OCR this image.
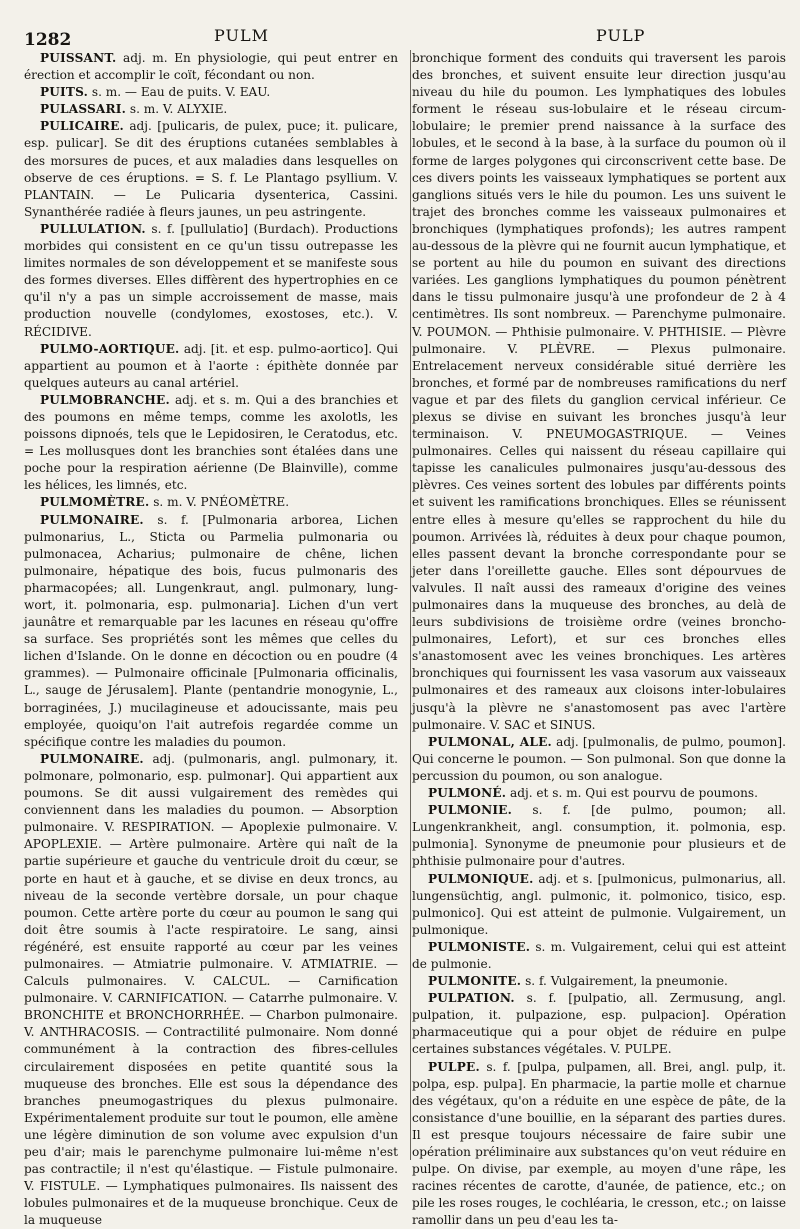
1282	PULM	PULP

PUISSANT. adj. m. En physiologie, qui peut entrer en érection et accomplir le coït, fécondant ou non.

PUITS. s. m. — Eau de puits. V. EAU.

PULASSARI. s. m. V. ALYXIE.

PULICAIRE. adj. [pulicaris, de pulex, puce; it. pulicare, esp. pulicar]. Se dit des éruptions cutanées semblables à des morsures de puces, et aux maladies dans lesquelles on observe de ces éruptions. = S. f. Le Plantago psyllium. V. PLANTAIN. — Le Pulicaria dysenterica, Cassini. Synanthérée radiée à fleurs jaunes, un peu astringente.

PULLULATION. s. f. [pullulatio] (Burdach). Productions morbides qui consistent en ce qu'un tissu outrepasse les limites normales de son développement et se manifeste sous des formes diverses. Elles diffèrent des hypertrophies en ce qu'il n'y a pas un simple accroissement de masse, mais production nouvelle (condylomes, exostoses, etc.). V. RÉCIDIVE.

PULMO-AORTIQUE. adj. [it. et esp. pulmo-aortico]. Qui appartient au poumon et à l'aorte : épithète donnée par quelques auteurs au canal artériel.

PULMOBRANCHE. adj. et s. m. Qui a des branchies et des poumons en même temps, comme les axolotls, les poissons dipnoés, tels que le Lepidosiren, le Ceratodus, etc. = Les mollusques dont les branchies sont étalées dans une poche pour la respiration aérienne (De Blainville), comme les hélices, les limnés, etc.

PULMOMÈTRE. s. m. V. PNÉOMÈTRE.

PULMONAIRE. s. f. [Pulmonaria arborea, Lichen pulmonarius, L., Sticta ou Parmelia pulmonaria ou pulmonacea, Acharius; pulmonaire de chêne, lichen pulmonaire, hépatique des bois, fucus pulmonaris des pharmacopées; all. Lungenkraut, angl. pulmonary, lung-wort, it. polmonaria, esp. pulmonaria]. Lichen d'un vert jaunâtre et remarquable par les lacunes en réseau qu'offre sa surface. Ses propriétés sont les mêmes que celles du lichen d'Islande. On le donne en décoction ou en poudre (4 grammes). — Pulmonaire officinale [Pulmonaria officinalis, L., sauge de Jérusalem]. Plante (pentandrie monogynie, L., borraginées, J.) mucilagineuse et adoucissante, mais peu employée, quoiqu'on l'ait autrefois regardée comme un spécifique contre les maladies du poumon.

PULMONAIRE. adj. (pulmonaris, angl. pulmonary, it. polmonare, polmonario, esp. pulmonar]. Qui appartient aux poumons. Se dit aussi vulgairement des remèdes qui conviennent dans les maladies du poumon. — Absorption pulmonaire. V. RESPIRATION. — Apoplexie pulmonaire. V. APOPLEXIE. — Artère pulmonaire. Artère qui naît de la partie supérieure et gauche du ventricule droit du cœur, se porte en haut et à gauche, et se divise en deux troncs, au niveau de la seconde vertèbre dorsale, un pour chaque poumon. Cette artère porte du cœur au poumon le sang qui doit être soumis à l'acte respiratoire. Le sang, ainsi régénéré, est ensuite rapporté au cœur par les veines pulmonaires. — Atmiatrie pulmonaire. V. ATMIATRIE. — Calculs pulmonaires. V. CALCUL. — Carnification pulmonaire. V. CARNIFICATION. — Catarrhe pulmonaire. V. BRONCHITE et BRONCHORRHÉE. — Charbon pulmonaire. V. ANTHRACOSIS. — Contractilité pulmonaire. Nom donné communément à la contraction des fibres-cellules circulairement disposées en petite quantité sous la muqueuse des bronches. Elle est sous la dépendance des branches pneumogastriques du plexus pulmonaire. Expérimentalement produite sur tout le poumon, elle amène une légère diminution de son volume avec expulsion d'un peu d'air; mais le parenchyme pulmonaire lui-même n'est pas contractile; il n'est qu'élastique. — Fistule pulmonaire. V. FISTULE. — Lymphatiques pulmonaires. Ils naissent des lobules pulmonaires et de la muqueuse bronchique. Ceux de la muqueuse

bronchique forment des conduits qui traversent les parois des bronches, et suivent ensuite leur direction jusqu'au niveau du hile du poumon. Les lymphatiques des lobules forment le réseau sus-lobulaire et le réseau circum-lobulaire; le premier prend naissance à la surface des lobules, et le second à la base, à la surface du poumon où il forme de larges polygones qui circonscrivent cette base. De ces divers points les vaisseaux lymphatiques se portent aux ganglions situés vers le hile du poumon. Les uns suivent le trajet des bronches comme les vaisseaux pulmonaires et bronchiques (lymphatiques profonds); les autres rampent au-dessous de la plèvre qui ne fournit aucun lymphatique, et se portent au hile du poumon en suivant des directions variées. Les ganglions lymphatiques du poumon pénètrent dans le tissu pulmonaire jusqu'à une profondeur de 2 à 4 centimètres. Ils sont nombreux. — Parenchyme pulmonaire. V. POUMON. — Phthisie pulmonaire. V. PHTHISIE. — Plèvre pulmonaire. V. PLÈVRE. — Plexus pulmonaire. Entrelacement nerveux considérable situé derrière les bronches, et formé par de nombreuses ramifications du nerf vague et par des filets du ganglion cervical inférieur. Ce plexus se divise en suivant les bronches jusqu'à leur terminaison. V. PNEUMOGASTRIQUE. — Veines pulmonaires. Celles qui naissent du réseau capillaire qui tapisse les canalicules pulmonaires jusqu'au-dessous des plèvres. Ces veines sortent des lobules par différents points et suivent les ramifications bronchiques. Elles se réunissent entre elles à mesure qu'elles se rapprochent du hile du poumon. Arrivées là, réduites à deux pour chaque poumon, elles passent devant la bronche correspondante pour se jeter dans l'oreillette gauche. Elles sont dépourvues de valvules. Il naît aussi des rameaux d'origine des veines pulmonaires dans la muqueuse des bronches, au delà de leurs subdivisions de troisième ordre (veines broncho-pulmonaires, Lefort), et sur ces bronches elles s'anastomosent avec les veines bronchiques. Les artères bronchiques qui fournissent les vasa vasorum aux vaisseaux pulmonaires et des rameaux aux cloisons inter-lobulaires jusqu'à la plèvre ne s'anastomosent pas avec l'artère pulmonaire. V. SAC et SINUS.

PULMONAL, ALE. adj. [pulmonalis, de pulmo, poumon]. Qui concerne le poumon. — Son pulmonal. Son que donne la percussion du poumon, ou son analogue.

PULMONÉ. adj. et s. m. Qui est pourvu de poumons.

PULMONIE. s. f. [de pulmo, poumon; all. Lungenkrankheit, angl. consumption, it. polmonia, esp. pulmonia]. Synonyme de pneumonie pour plusieurs et de phthisie pulmonaire pour d'autres.

PULMONIQUE. adj. et s. [pulmonicus, pulmonarius, all. lungensüchtig, angl. pulmonic, it. polmonico, tisico, esp. pulmonico]. Qui est atteint de pulmonie. Vulgairement, un pulmonique.

PULMONISTE. s. m. Vulgairement, celui qui est atteint de pulmonie.

PULMONITE. s. f. Vulgairement, la pneumonie.

PULPATION. s. f. [pulpatio, all. Zermusung, angl. pulpation, it. pulpazione, esp. pulpacion]. Opération pharmaceutique qui a pour objet de réduire en pulpe certaines substances végétales. V. PULPE.

PULPE. s. f. [pulpa, pulpamen, all. Brei, angl. pulp, it. polpa, esp. pulpa]. En pharmacie, la partie molle et charnue des végétaux, qu'on a réduite en une espèce de pâte, de la consistance d'une bouillie, en la séparant des parties dures. Il est presque toujours nécessaire de faire subir une opération préliminaire aux substances qu'on veut réduire en pulpe. On divise, par exemple, au moyen d'une râpe, les racines récentes de carotte, d'aunée, de patience, etc.; on pile les roses rouges, le cochléaria, le cresson, etc.; on laisse ramollir dans un peu d'eau les ta-
